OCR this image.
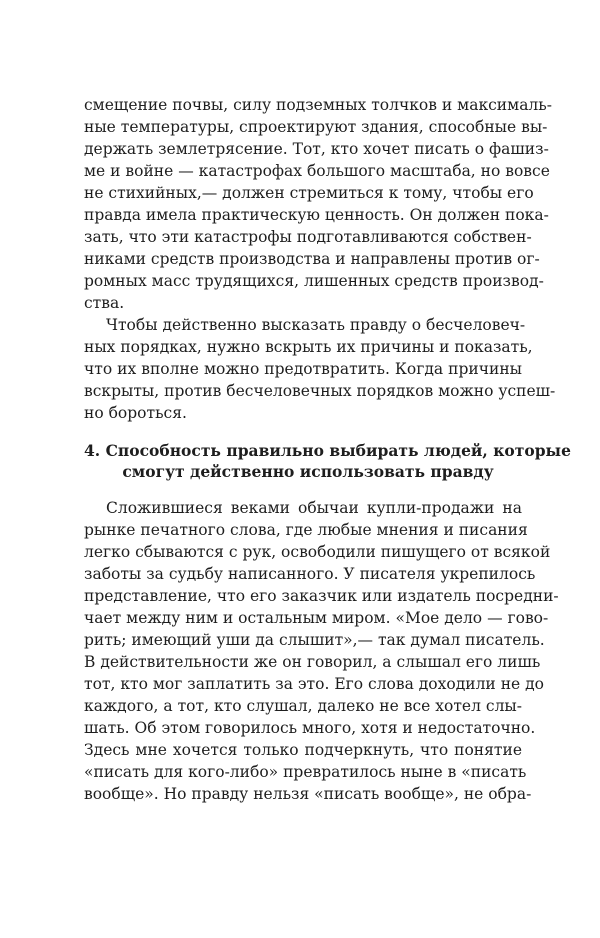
смещение почвы, силу подземных толчков и максималь-
ные температуры, спроектируют здания, способные вы-
держать землетрясение. Тот, кто хочет писать о фашиз-
ме и войне — катастрофах большого масштаба, но вовсе
не стихийных,— должен стремиться к тому, чтобы его
правда имела практическую ценность. Он должен пока-
зать, что эти катастрофы подготавливаются собствен-
никами средств производства и направлены против ог-
ромных масс трудящихся, лишенных средств производ-
ства.
Чтобы действенно высказать правду о бесчеловеч-
ных порядках, нужно вскрыть их причины и показать,
что их вполне можно предотвратить. Когда причины
вскрыты, против бесчеловечных порядков можно успеш-
но бороться.
4. Способность правильно выбирать людей, которые
смогут действенно использовать правду
Сложившиеся веками обычаи купли-продажи на
рынке печатного слова, где любые мнения и писания
легко сбываются с рук, освободили пишущего от всякой
заботы за судьбу написанного. У писателя укрепилось
представление, что его заказчик или издатель посредни-
чает между ним и остальным миром. «Мое дело — гово-
рить; имеющий уши да слышит»,— так думал писатель.
В действительности же он говорил, а слышал его лишь
тот, кто мог заплатить за это. Его слова доходили не до
каждого, а тот, кто слушал, далеко не все хотел слы-
шать. Об этом говорилось много, хотя и недостаточно.
Здесь мне хочется только подчеркнуть, что понятие
«писать для кого-либо» превратилось ныне в «писать
вообще». Но правду нельзя «писать вообще», не обра-
